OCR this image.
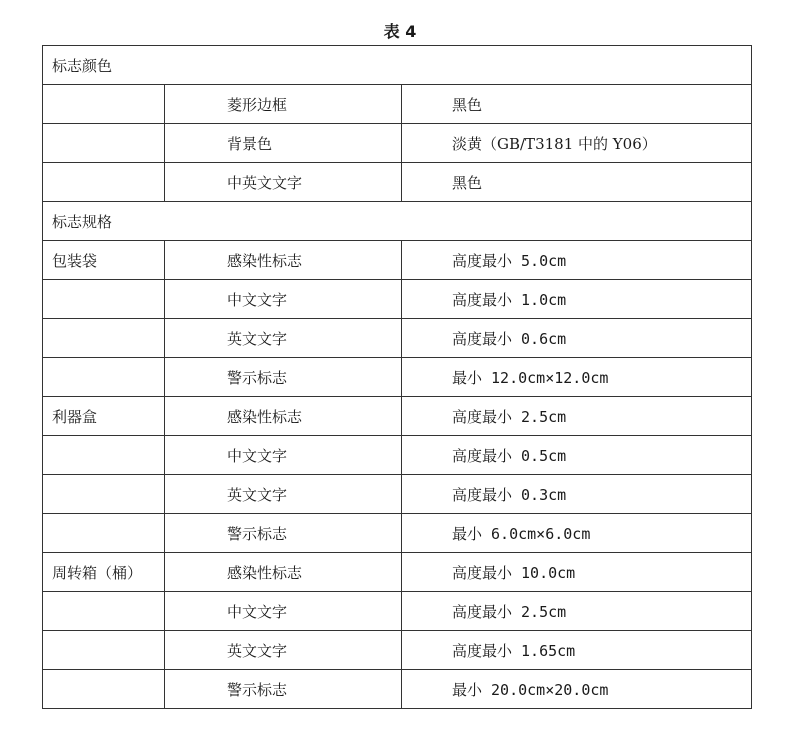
表 4
标志颜色		
	菱形边框	黑色
	背景色	淡黄（GB/T3181 中的 Y06）
	中英文文字	黑色
标志规格		
包装袋	感染性标志	高度最小 5.0cm
	中文文字	高度最小 1.0cm
	英文文字	高度最小 0.6cm
	警示标志	最小 12.0cm×12.0cm
利器盒	感染性标志	高度最小 2.5cm
	中文文字	高度最小 0.5cm
	英文文字	高度最小 0.3cm
	警示标志	最小 6.0cm×6.0cm
周转箱（桶）	感染性标志	高度最小 10.0cm
	中文文字	高度最小 2.5cm
	英文文字	高度最小 1.65cm
	警示标志	最小 20.0cm×20.0cm
